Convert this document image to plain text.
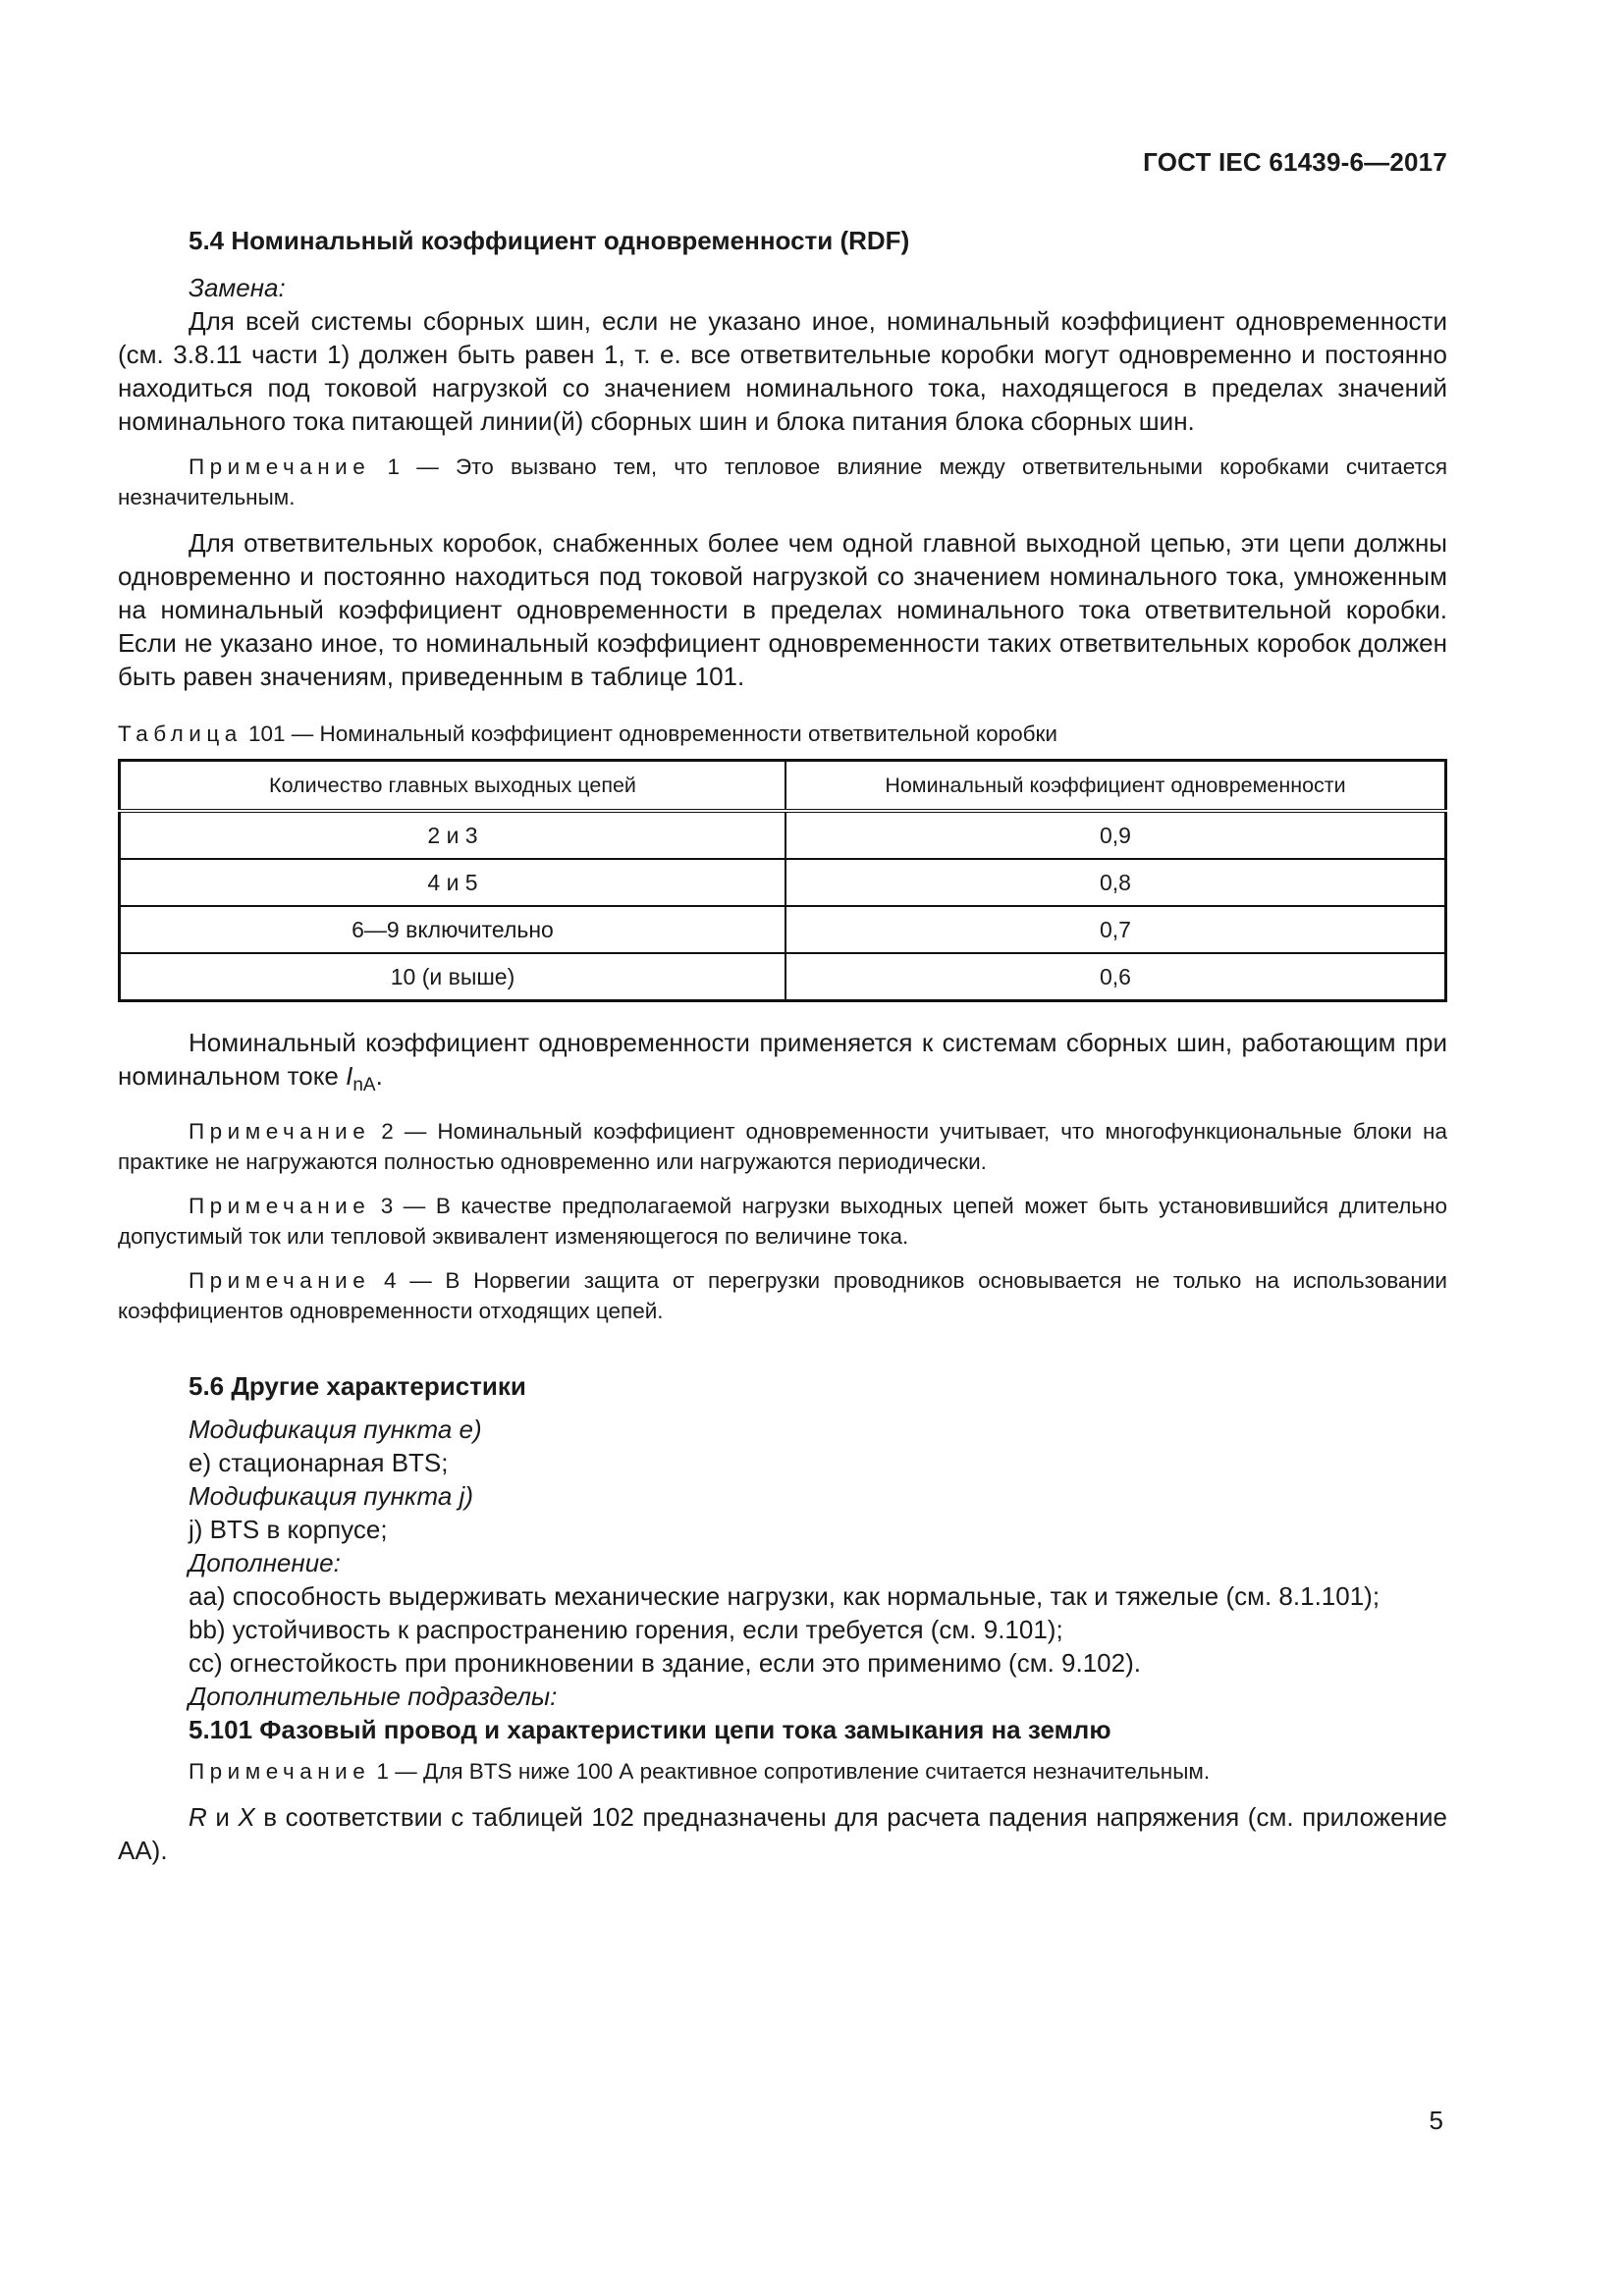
ГОСТ IEC 61439-6—2017
5.4 Номинальный коэффициент одновременности (RDF)
Замена:

Для всей системы сборных шин, если не указано иное, номинальный коэффициент одновременности (см. 3.8.11 части 1) должен быть равен 1, т. е. все ответвительные коробки могут одновременно и постоянно находиться под токовой нагрузкой со значением номинального тока, находящегося в пределах значений номинального тока питающей линии(й) сборных шин и блока питания блока сборных шин.

Примечание 1 — Это вызвано тем, что тепловое влияние между ответвительными коробками считается незначительным.

Для ответвительных коробок, снабженных более чем одной главной выходной цепью, эти цепи должны одновременно и постоянно находиться под токовой нагрузкой со значением номинального тока, умноженным на номинальный коэффициент одновременности в пределах номинального тока ответвительной коробки. Если не указано иное, то номинальный коэффициент одновременности таких ответвительных коробок должен быть равен значениям, приведенным в таблице 101.

Таблица 101 — Номинальный коэффициент одновременности ответвительной коробки
Количество главных выходных цепей	Номинальный коэффициент одновременности
2 и 3	0,9
4 и 5	0,8
6—9 включительно	0,7
10 (и выше)	0,6

Номинальный коэффициент одновременности применяется к системам сборных шин, работающим при номинальном токе $I_{nA}$.

Примечание 2 — Номинальный коэффициент одновременности учитывает, что многофункциональные блоки на практике не нагружаются полностью одновременно или нагружаются периодически.

Примечание 3 — В качестве предполагаемой нагрузки выходных цепей может быть установившийся длительно допустимый ток или тепловой эквивалент изменяющегося по величине тока.

Примечание 4 — В Норвегии защита от перегрузки проводников основывается не только на использовании коэффициентов одновременности отходящих цепей.

5.6 Другие характеристики
Модификация пункта е)
е) стационарная BTS;
Модификация пункта j)
j) BTS в корпусе;
Дополнение:
aa) способность выдерживать механические нагрузки, как нормальные, так и тяжелые (см. 8.1.101);
bb) устойчивость к распространению горения, если требуется (см. 9.101);
cc) огнестойкость при проникновении в здание, если это применимо (см. 9.102).
Дополнительные подразделы:
5.101 Фазовый провод и характеристики цепи тока замыкания на землю

Примечание 1 — Для BTS ниже 100 А реактивное сопротивление считается незначительным.

R и X в соответствии с таблицей 102 предназначены для расчета падения напряжения (см. приложение АА).

5
